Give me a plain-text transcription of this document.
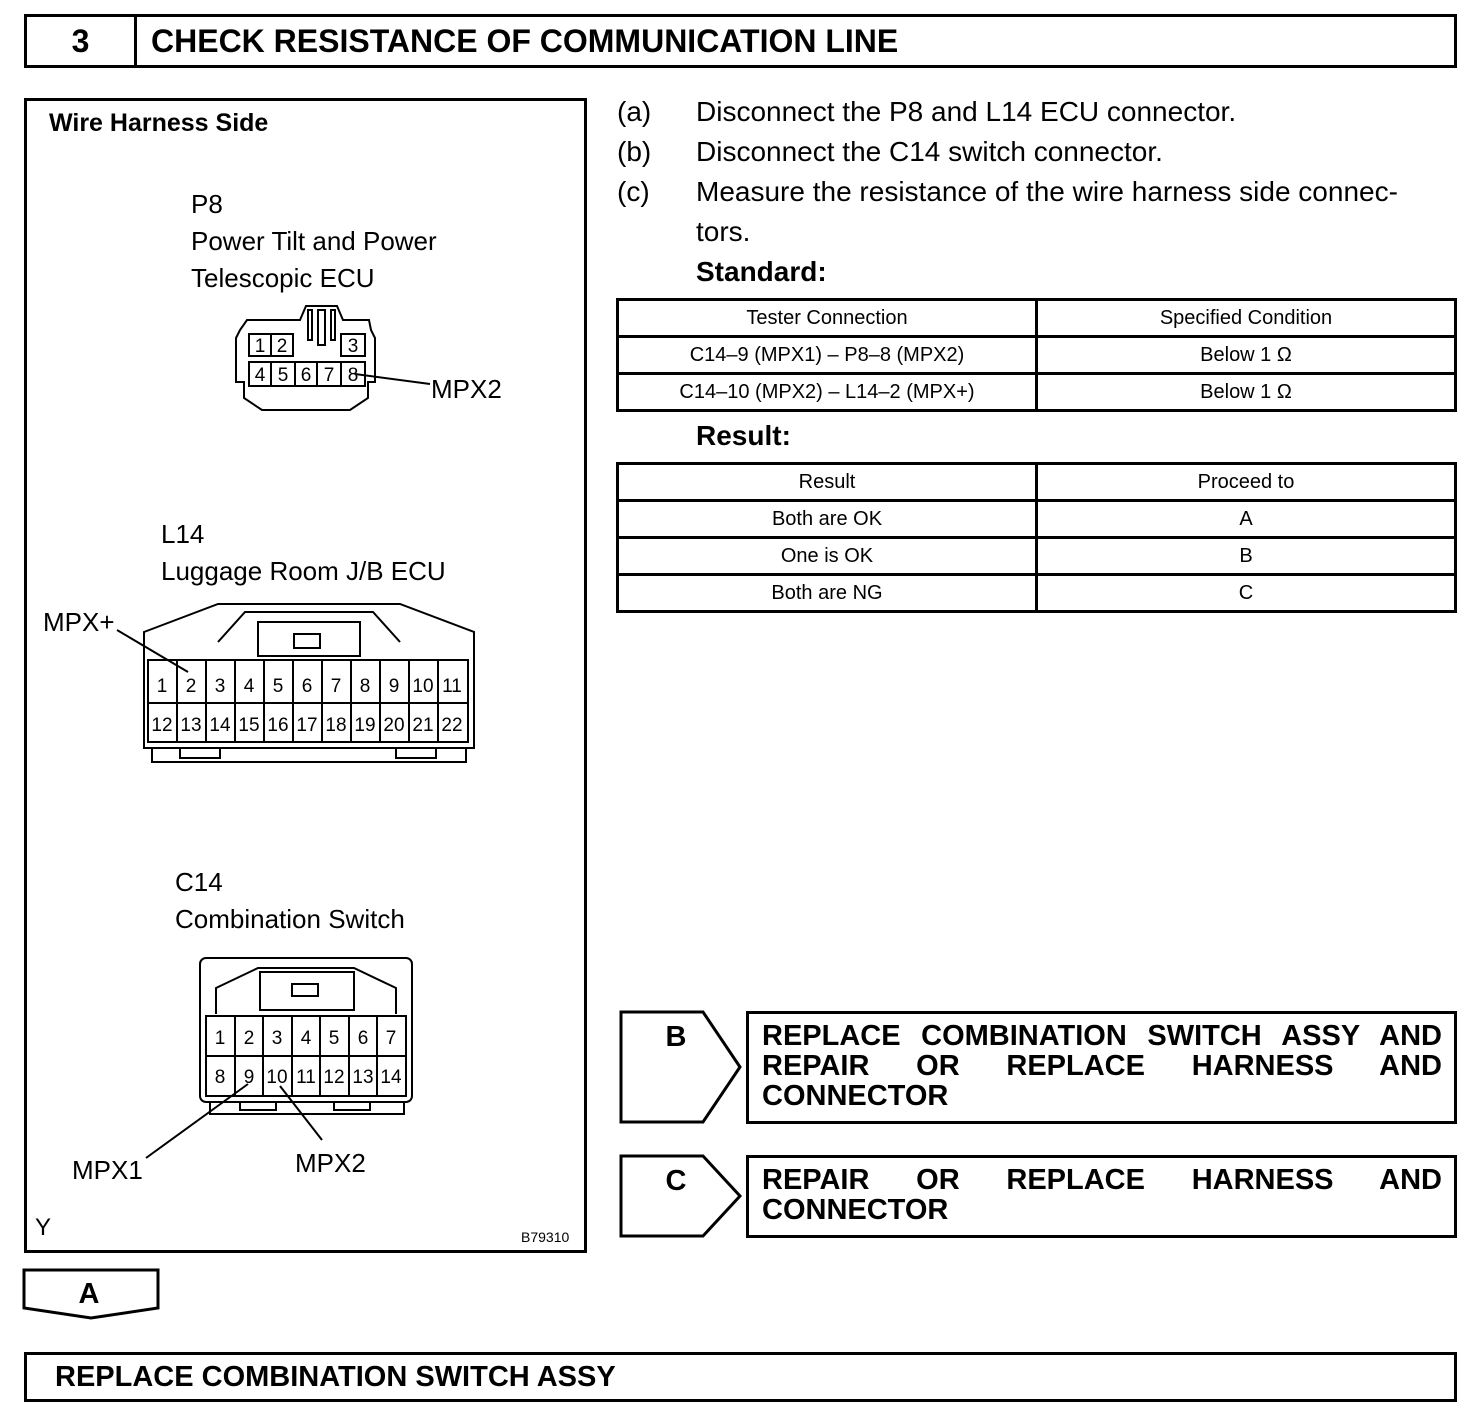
3	CHECK RESISTANCE OF COMMUNICATION LINE
Wire Harness Side
P8
Power Tilt and Power
Telescopic ECU
MPX2
L14
Luggage Room J/B ECU
MPX+
C14
Combination Switch
MPX1	MPX2
Y	B79310
1 2	3
4 5 6 7 8
1 2 3 4 5 6 7 8 9 10 11
12 13 14 15 16 17 18 19 20 21 22
1 2 3 4 5 6 7
8 9 10 11 12 13 14
(a) Disconnect the P8 and L14 ECU connector.
(b) Disconnect the C14 switch connector.
(c) Measure the resistance of the wire harness side connec-
tors.
Standard:
Tester Connection	Specified Condition
C14–9 (MPX1) – P8–8 (MPX2)	Below 1 Ω
C14–10 (MPX2) – L14–2 (MPX+)	Below 1 Ω
Result:
Result	Proceed to
Both are OK	A
One is OK	B
Both are NG	C
B
C
A
REPLACE COMBINATION SWITCH ASSY AND
REPAIR OR REPLACE HARNESS AND
CONNECTOR
REPAIR OR REPLACE HARNESS AND
CONNECTOR
REPLACE COMBINATION SWITCH ASSY
